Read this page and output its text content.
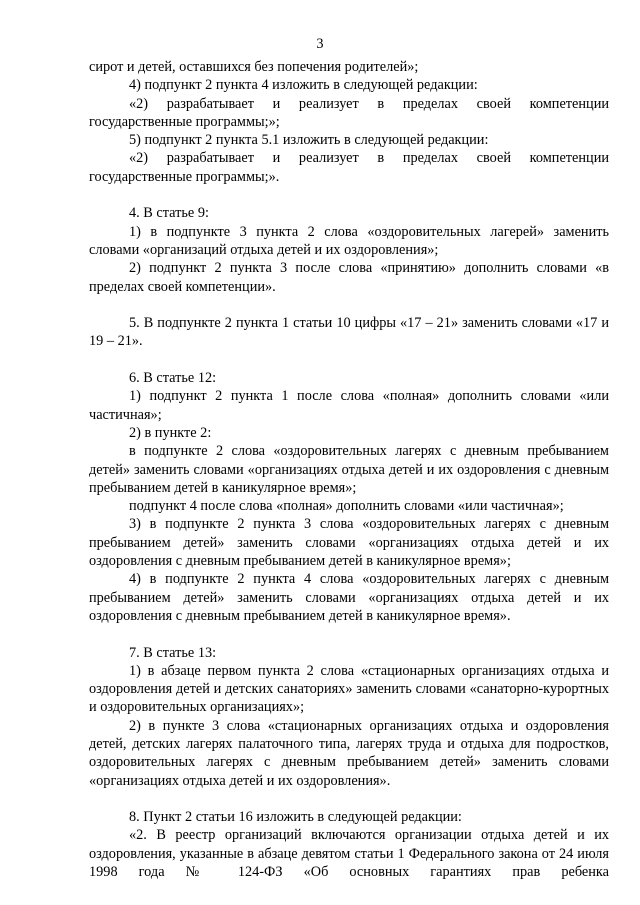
3

сирот и детей, оставшихся без попечения родителей»;

4) подпункт 2 пункта 4 изложить в следующей редакции:

«2) разрабатывает и реализует в пределах своей компетенции государственные программы;»;

5) подпункт 2 пункта 5.1 изложить в следующей редакции:

«2) разрабатывает и реализует в пределах своей компетенции государственные программы;».

4. В статье 9:

1) в подпункте 3 пункта 2 слова «оздоровительных лагерей» заменить словами «организаций отдыха детей и их оздоровления»;

2) подпункт 2 пункта 3 после слова «принятию» дополнить словами «в пределах своей компетенции».

5. В подпункте 2 пункта 1 статьи 10 цифры «17 – 21» заменить словами «17 и 19 – 21».

6. В статье 12:

1) подпункт 2 пункта 1 после слова «полная» дополнить словами «или частичная»;

2) в пункте 2:

в подпункте 2 слова «оздоровительных лагерях с дневным пребыванием детей» заменить словами «организациях отдыха детей и их оздоровления с дневным пребыванием детей в каникулярное время»;

подпункт 4 после слова «полная» дополнить словами «или частичная»;

3) в подпункте 2 пункта 3 слова «оздоровительных лагерях с дневным пребыванием детей» заменить словами «организациях отдыха детей и их оздоровления с дневным пребыванием детей в каникулярное время»;

4) в подпункте 2 пункта 4 слова «оздоровительных лагерях с дневным пребыванием детей» заменить словами «организациях отдыха детей и их оздоровления с дневным пребыванием детей в каникулярное время».

7. В статье 13:

1) в абзаце первом пункта 2 слова «стационарных организациях отдыха и оздоровления детей и детских санаториях» заменить словами «санаторно-курортных и оздоровительных организациях»;

2) в пункте 3 слова «стационарных организациях отдыха и оздоровления детей, детских лагерях палаточного типа, лагерях труда и отдыха для подростков, оздоровительных лагерях с дневным пребыванием детей» заменить словами «организациях отдыха детей и их оздоровления».

8. Пункт 2 статьи 16 изложить в следующей редакции:

«2. В реестр организаций включаются организации отдыха детей и их оздоровления, указанные в абзаце девятом статьи 1 Федерального закона от 24 июля 1998 года № 124-ФЗ «Об основных гарантиях прав ребенка
